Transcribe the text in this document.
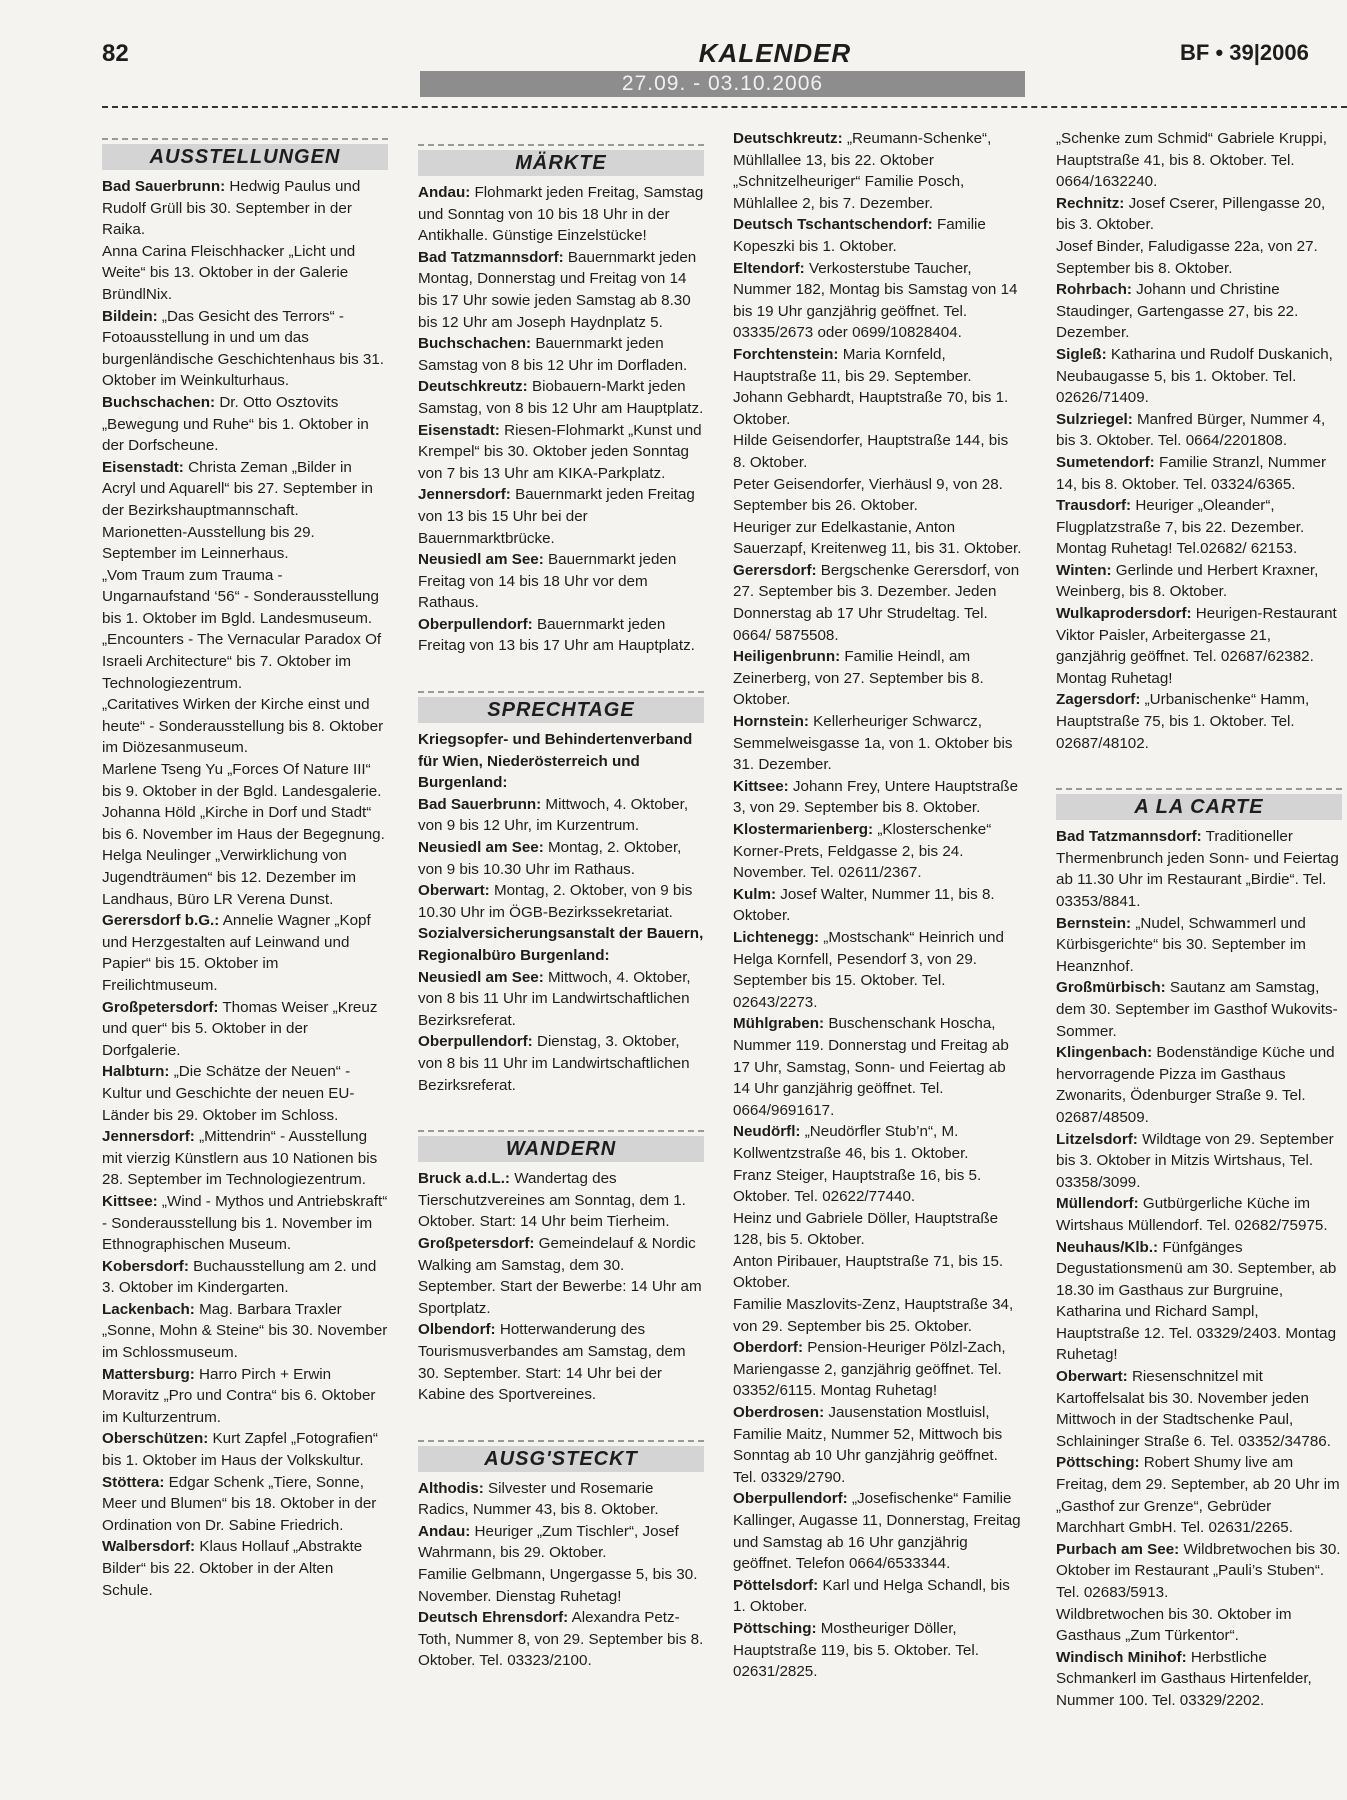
82	KALENDER
27.09. - 03.10.2006
BF • 39|2006
AUSSTELLUNGEN

Bad Sauerbrunn: Hedwig Paulus und Rudolf Grüll bis 30. September in der Raika.

Anna Carina Fleischhacker „Licht und Weite“ bis 13. Oktober in der Galerie BründlNix.

Bildein: „Das Gesicht des Terrors“ - Fotoausstellung in und um das burgenländische Geschichtenhaus bis 31. Oktober im Weinkulturhaus.

Buchschachen: Dr. Otto Osztovits „Bewegung und Ruhe“ bis 1. Oktober in der Dorfscheune.

Eisenstadt: Christa Zeman „Bilder in Acryl und Aquarell“ bis 27. September in der Bezirkshauptmannschaft.

Marionetten-Ausstellung bis 29. September im Leinnerhaus.

„Vom Traum zum Trauma - Ungarnaufstand ‘56“ - Sonderausstellung bis 1. Oktober im Bgld. Landesmuseum.

„Encounters - The Vernacular Paradox Of Israeli Architecture“ bis 7. Oktober im Technologiezentrum.

„Caritatives Wirken der Kirche einst und heute“ - Sonderausstellung bis 8. Oktober im Diözesanmuseum.

Marlene Tseng Yu „Forces Of Nature III“ bis 9. Oktober in der Bgld. Landesgalerie.

Johanna Höld „Kirche in Dorf und Stadt“ bis 6. November im Haus der Begegnung.

Helga Neulinger „Verwirklichung von Jugendträumen“ bis 12. Dezember im Landhaus, Büro LR Verena Dunst.

Gerersdorf b.G.: Annelie Wagner „Kopf und Herzgestalten auf Leinwand und Papier“ bis 15. Oktober im Freilichtmuseum.

Großpetersdorf: Thomas Weiser „Kreuz und quer“ bis 5. Oktober in der Dorfgalerie.

Halbturn: „Die Schätze der Neuen“ - Kultur und Geschichte der neuen EU-Länder bis 29. Oktober im Schloss.

Jennersdorf: „Mittendrin“ - Ausstellung mit vierzig Künstlern aus 10 Nationen bis 28. September im Technologiezentrum.

Kittsee: „Wind - Mythos und Antriebskraft“ - Sonderausstellung bis 1. November im Ethnographischen Museum.

Kobersdorf: Buchausstellung am 2. und 3. Oktober im Kindergarten.

Lackenbach: Mag. Barbara Traxler „Sonne, Mohn & Steine“ bis 30. November im Schlossmuseum.

Mattersburg: Harro Pirch + Erwin Moravitz „Pro und Contra“ bis 6. Oktober im Kulturzentrum.

Oberschützen: Kurt Zapfel „Fotografien“ bis 1. Oktober im Haus der Volkskultur.

Stöttera: Edgar Schenk „Tiere, Sonne, Meer und Blumen“ bis 18. Oktober in der Ordination von Dr. Sabine Friedrich.

Walbersdorf: Klaus Hollauf „Abstrakte Bilder“ bis 22. Oktober in der Alten Schule.

MÄRKTE

Andau: Flohmarkt jeden Freitag, Samstag und Sonntag von 10 bis 18 Uhr in der Antikhalle. Günstige Einzelstücke!

Bad Tatzmannsdorf: Bauernmarkt jeden Montag, Donnerstag und Freitag von 14 bis 17 Uhr sowie jeden Samstag ab 8.30 bis 12 Uhr am Joseph Haydnplatz 5.

Buchschachen: Bauernmarkt jeden Samstag von 8 bis 12 Uhr im Dorfladen.

Deutschkreutz: Biobauern-Markt jeden Samstag, von 8 bis 12 Uhr am Hauptplatz.

Eisenstadt: Riesen-Flohmarkt „Kunst und Krempel“ bis 30. Oktober jeden Sonntag von 7 bis 13 Uhr am KIKA-Parkplatz.

Jennersdorf: Bauernmarkt jeden Freitag von 13 bis 15 Uhr bei der Bauernmarktbrücke.

Neusiedl am See: Bauernmarkt jeden Freitag von 14 bis 18 Uhr vor dem Rathaus.

Oberpullendorf: Bauernmarkt jeden Freitag von 13 bis 17 Uhr am Hauptplatz.

SPRECHTAGE

Kriegsopfer- und Behindertenverband für Wien, Niederösterreich und Burgenland:

Bad Sauerbrunn: Mittwoch, 4. Oktober, von 9 bis 12 Uhr, im Kurzentrum.

Neusiedl am See: Montag, 2. Oktober, von 9 bis 10.30 Uhr im Rathaus.

Oberwart: Montag, 2. Oktober, von 9 bis 10.30 Uhr im ÖGB-Bezirkssekretariat.

Sozialversicherungsanstalt der Bauern, Regionalbüro Burgenland:

Neusiedl am See: Mittwoch, 4. Oktober, von 8 bis 11 Uhr im Landwirtschaftlichen Bezirksreferat.

Oberpullendorf: Dienstag, 3. Oktober, von 8 bis 11 Uhr im Landwirtschaftlichen Bezirksreferat.

WANDERN

Bruck a.d.L.: Wandertag des Tierschutzvereines am Sonntag, dem 1. Oktober. Start: 14 Uhr beim Tierheim.

Großpetersdorf: Gemeindelauf & Nordic Walking am Samstag, dem 30. September. Start der Bewerbe: 14 Uhr am Sportplatz.

Olbendorf: Hotterwanderung des Tourismusverbandes am Samstag, dem 30. September. Start: 14 Uhr bei der Kabine des Sportvereines.

AUSG'STECKT

Althodis: Silvester und Rosemarie Radics, Nummer 43, bis 8. Oktober.

Andau: Heuriger „Zum Tischler“, Josef Wahrmann, bis 29. Oktober.

Familie Gelbmann, Ungergasse 5, bis 30. November. Dienstag Ruhetag!

Deutsch Ehrensdorf: Alexandra Petz-Toth, Nummer 8, von 29. September bis 8. Oktober. Tel. 03323/2100.

Deutschkreutz: „Reumann-Schenke“, Mühllallee 13, bis 22. Oktober

„Schnitzelheuriger“ Familie Posch, Mühlallee 2, bis 7. Dezember.

Deutsch Tschantschendorf: Familie Kopeszki bis 1. Oktober.

Eltendorf: Verkosterstube Taucher, Nummer 182, Montag bis Samstag von 14 bis 19 Uhr ganzjährig geöffnet. Tel. 03335/2673 oder 0699/10828404.

Forchtenstein: Maria Kornfeld, Hauptstraße 11, bis 29. September.

Johann Gebhardt, Hauptstraße 70, bis 1. Oktober.

Hilde Geisendorfer, Hauptstraße 144, bis 8. Oktober.

Peter Geisendorfer, Vierhäusl 9, von 28. September bis 26. Oktober.

Heuriger zur Edelkastanie, Anton Sauerzapf, Kreitenweg 11, bis 31. Oktober.

Gerersdorf: Bergschenke Gerersdorf, von 27. September bis 3. Dezember. Jeden Donnerstag ab 17 Uhr Strudeltag. Tel. 0664/ 5875508.

Heiligenbrunn: Familie Heindl, am Zeinerberg, von 27. September bis 8. Oktober.

Hornstein: Kellerheuriger Schwarcz, Semmelweisgasse 1a, von 1. Oktober bis 31. Dezember.

Kittsee: Johann Frey, Untere Hauptstraße 3, von 29. September bis 8. Oktober.

Klostermarienberg: „Klosterschenke“ Korner-Prets, Feldgasse 2, bis 24. November. Tel. 02611/2367.

Kulm: Josef Walter, Nummer 11, bis 8. Oktober.

Lichtenegg: „Mostschank“ Heinrich und Helga Kornfell, Pesendorf 3, von 29. September bis 15. Oktober. Tel. 02643/2273.

Mühlgraben: Buschenschank Hoscha, Nummer 119. Donnerstag und Freitag ab 17 Uhr, Samstag, Sonn- und Feiertag ab 14 Uhr ganzjährig geöffnet. Tel. 0664/9691617.

Neudörfl: „Neudörfler Stub’n“, M. Kollwentzstraße 46, bis 1. Oktober.

Franz Steiger, Hauptstraße 16, bis 5. Oktober. Tel. 02622/77440.

Heinz und Gabriele Döller, Hauptstraße 128, bis 5. Oktober.

Anton Piribauer, Hauptstraße 71, bis 15. Oktober.

Familie Maszlovits-Zenz, Hauptstraße 34, von 29. September bis 25. Oktober.

Oberdorf: Pension-Heuriger Pölzl-Zach, Mariengasse 2, ganzjährig geöffnet. Tel. 03352/6115. Montag Ruhetag!

Oberdrosen: Jausenstation Mostluisl, Familie Maitz, Nummer 52, Mittwoch bis Sonntag ab 10 Uhr ganzjährig geöffnet. Tel. 03329/2790.

Oberpullendorf: „Josefischenke“ Familie Kallinger, Augasse 11, Donnerstag, Freitag und Samstag ab 16 Uhr ganzjährig geöffnet. Telefon 0664/6533344.

Pöttelsdorf: Karl und Helga Schandl, bis 1. Oktober.

Pöttsching: Mostheuriger Döller, Hauptstraße 119, bis 5. Oktober. Tel. 02631/2825.

„Schenke zum Schmid“ Gabriele Kruppi, Hauptstraße 41, bis 8. Oktober. Tel. 0664/1632240.

Rechnitz: Josef Cserer, Pillengasse 20, bis 3. Oktober.

Josef Binder, Faludigasse 22a, von 27. September bis 8. Oktober.

Rohrbach: Johann und Christine Staudinger, Gartengasse 27, bis 22. Dezember.

Sigleß: Katharina und Rudolf Duskanich, Neubaugasse 5, bis 1. Oktober. Tel. 02626/71409.

Sulzriegel: Manfred Bürger, Nummer 4, bis 3. Oktober. Tel. 0664/2201808.

Sumetendorf: Familie Stranzl, Nummer 14, bis 8. Oktober. Tel. 03324/6365.

Trausdorf: Heuriger „Oleander“, Flugplatzstraße 7, bis 22. Dezember. Montag Ruhetag! Tel.02682/ 62153.

Winten: Gerlinde und Herbert Kraxner, Weinberg, bis 8. Oktober.

Wulkaprodersdorf: Heurigen-Restaurant Viktor Paisler, Arbeitergasse 21, ganzjährig geöffnet. Tel. 02687/62382. Montag Ruhetag!

Zagersdorf: „Urbanischenke“ Hamm, Hauptstraße 75, bis 1. Oktober. Tel. 02687/48102.

A LA CARTE

Bad Tatzmannsdorf: Traditioneller Thermenbrunch jeden Sonn- und Feiertag ab 11.30 Uhr im Restaurant „Birdie“. Tel. 03353/8841.

Bernstein: „Nudel, Schwammerl und Kürbisgerichte“ bis 30. September im Heanznhof.

Großmürbisch: Sautanz am Samstag, dem 30. September im Gasthof Wukovits-Sommer.

Klingenbach: Bodenständige Küche und hervorragende Pizza im Gasthaus Zwonarits, Ödenburger Straße 9. Tel. 02687/48509.

Litzelsdorf: Wildtage von 29. September bis 3. Oktober in Mitzis Wirtshaus, Tel. 03358/3099.

Müllendorf: Gutbürgerliche Küche im Wirtshaus Müllendorf. Tel. 02682/75975.

Neuhaus/Klb.: Fünfgänges Degustationsmenü am 30. September, ab 18.30 im Gasthaus zur Burgruine, Katharina und Richard Sampl, Hauptstraße 12. Tel. 03329/2403. Montag Ruhetag!

Oberwart: Riesenschnitzel mit Kartoffelsalat bis 30. November jeden Mittwoch in der Stadtschenke Paul, Schlaininger Straße 6. Tel. 03352/34786.

Pöttsching: Robert Shumy live am Freitag, dem 29. September, ab 20 Uhr im „Gasthof zur Grenze“, Gebrüder Marchhart GmbH. Tel. 02631/2265.

Purbach am See: Wildbretwochen bis 30. Oktober im Restaurant „Pauli’s Stuben“. Tel. 02683/5913.

Wildbretwochen bis 30. Oktober im Gasthaus „Zum Türkentor“.

Windisch Minihof: Herbstliche Schmankerl im Gasthaus Hirtenfelder, Nummer 100. Tel. 03329/2202.
